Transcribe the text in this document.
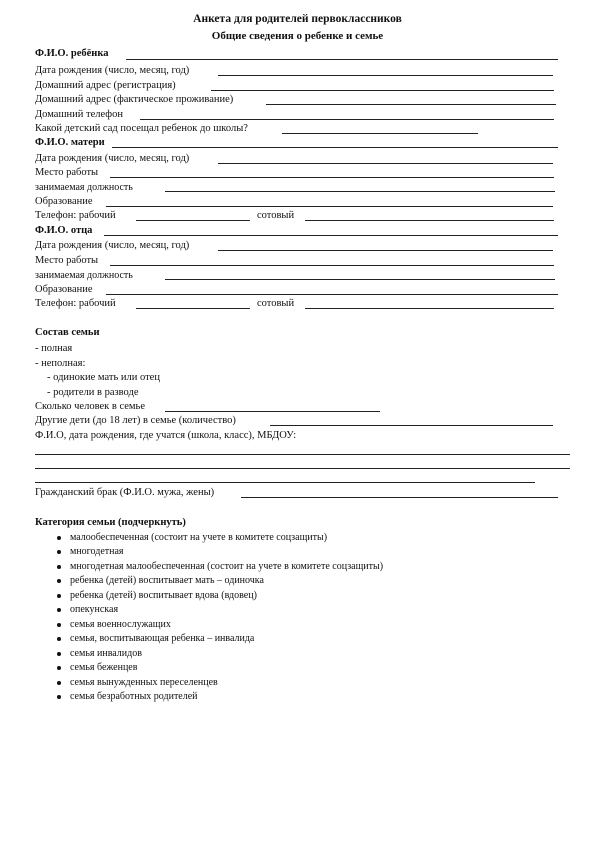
Анкета для родителей первоклассников
Общие сведения о ребенке и семье
Ф.И.О. ребёнка
Дата рождения (число, месяц, год)
Домашний адрес (регистрация)
Домашний адрес (фактическое проживание)
Домашний телефон
Какой детский сад посещал ребенок до школы?
Ф.И.О. матери
Дата рождения (число, месяц, год)
Место работы
занимаемая должность
Образование
Телефон: рабочий	сотовый
Ф.И.О. отца
Дата рождения (число, месяц, год)
Место работы
занимаемая должность
Образование
Телефон: рабочий	сотовый
Состав семьи
- полная
- неполная:
- одинокие мать или отец
- родители в разводе
Сколько человек в семье
Другие дети (до 18 лет) в семье (количество)
Ф.И.О, дата рождения, где учатся (школа, класс), МБДОУ:
Гражданский брак (Ф.И.О. мужа, жены)
Категория семьи (подчеркнуть)
малообеспеченная (состоит на учете в комитете соцзащиты)
многодетная
многодетная малообеспеченная (состоит на учете в комитете соцзащиты)
ребенка (детей) воспитывает мать – одиночка
ребенка (детей) воспитывает вдова (вдовец)
опекунская
семья военнослужащих
семья, воспитывающая ребенка – инвалида
семья инвалидов
семья беженцев
семья вынужденных переселенцев
семья безработных родителей
